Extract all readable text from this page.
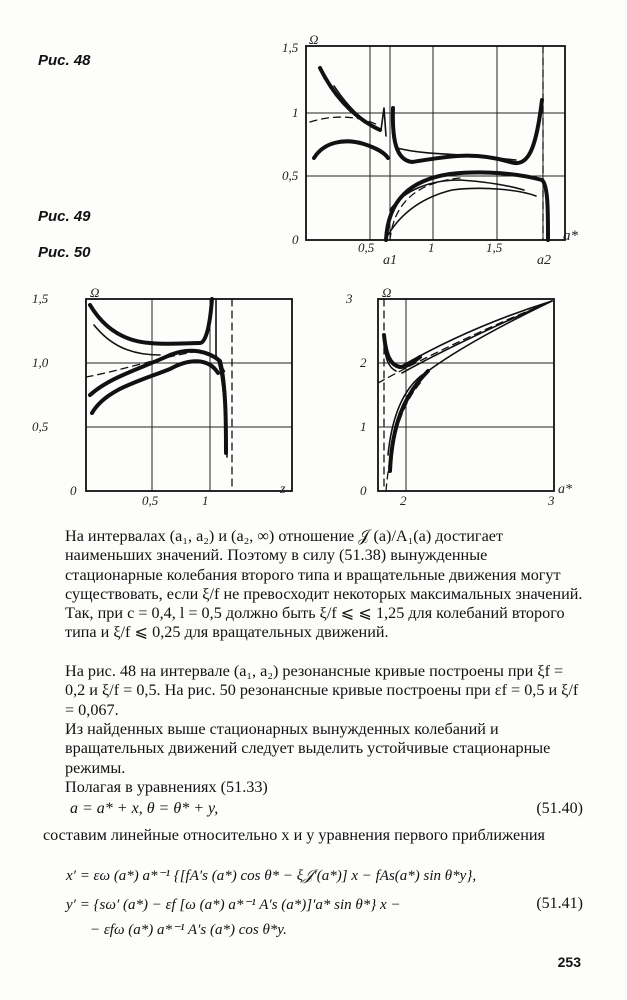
Рис. 48
Рис. 49
Рис. 50
Ω
a*
1,5
1
0,5
0
0,5	1	1,5
a1	a2
Ω
z
1,5
1,0
0,5
0
0,5	1
Ω
a*
3
2
1
0
2	3

На интервалах (a₁, a₂) и (a₂, ∞) отношение 𝒥 (a)/A₁(a) достигает наименьших значений. Поэтому в силу (51.38) вынужденные стационарные колебания второго типа и вращательные движения могут существовать, если ξ/f не превосходит некоторых максимальных значений. Так, при c = 0,4, l = 0,5 должно быть ξ/f ⩽ ⩽ 1,25 для колебаний второго типа и ξ/f ⩽ 0,25 для вращательных движений.

На рис. 48 на интервале (a₁, a₂) резонансные кривые построены при ξf = 0,2 и ξ/f = 0,5. На рис. 50 резонансные кривые построены при εf = 0,5 и ξ/f = 0,067.

Из найденных выше стационарных вынужденных колебаний и вращательных движений следует выделить устойчивые стационарные режимы.

Полагая в уравнениях (51.33)

a = a* + x, θ = θ* + y,	(51.40)

составим линейные относительно x и y уравнения первого приближения

x′ = εω (a*) a*⁻¹ {[fA′s (a*) cos θ* − ξ𝒥′(a*)] x − fAs(a*) sin θ*y},
y′ = {sω′ (a*) − εf [ω (a*) a*⁻¹ A′s (a*)]′a* sin θ*} x −	(51.41)
− εfω (a*) a*⁻¹ A′s (a*) cos θ*y.
253
